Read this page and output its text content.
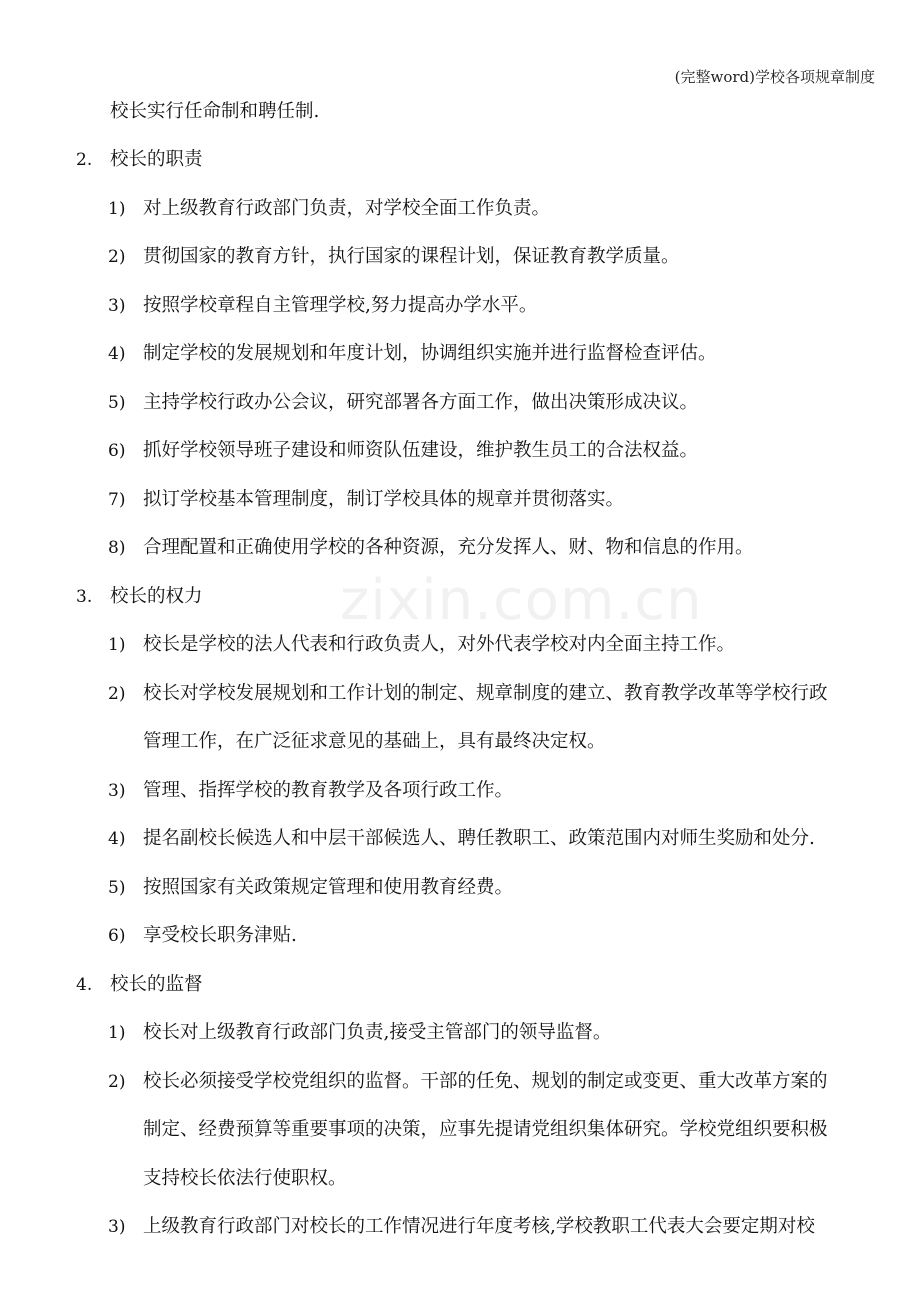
(完整word)学校各项规章制度
zixin.com.cn
校长实行任命制和聘任制.
2. 校长的职责
1) 对上级教育行政部门负责，对学校全面工作负责。
2) 贯彻国家的教育方针，执行国家的课程计划，保证教育教学质量。
3) 按照学校章程自主管理学校,努力提高办学水平。
4) 制定学校的发展规划和年度计划，协调组织实施并进行监督检查评估。
5) 主持学校行政办公会议，研究部署各方面工作，做出决策形成决议。
6) 抓好学校领导班子建设和师资队伍建设，维护教生员工的合法权益。
7) 拟订学校基本管理制度，制订学校具体的规章并贯彻落实。
8) 合理配置和正确使用学校的各种资源，充分发挥人、财、物和信息的作用。
3. 校长的权力
1) 校长是学校的法人代表和行政负责人，对外代表学校对内全面主持工作。
2) 校长对学校发展规划和工作计划的制定、规章制度的建立、教育教学改革等学校行政
管理工作，在广泛征求意见的基础上，具有最终决定权。
3) 管理、指挥学校的教育教学及各项行政工作。
4) 提名副校长候选人和中层干部候选人、聘任教职工、政策范围内对师生奖励和处分.
5) 按照国家有关政策规定管理和使用教育经费。
6) 享受校长职务津贴.
4. 校长的监督
1) 校长对上级教育行政部门负责,接受主管部门的领导监督。
2) 校长必须接受学校党组织的监督。干部的任免、规划的制定或变更、重大改革方案的
制定、经费预算等重要事项的决策，应事先提请党组织集体研究。学校党组织要积极
支持校长依法行使职权。
3) 上级教育行政部门对校长的工作情况进行年度考核,学校教职工代表大会要定期对校
